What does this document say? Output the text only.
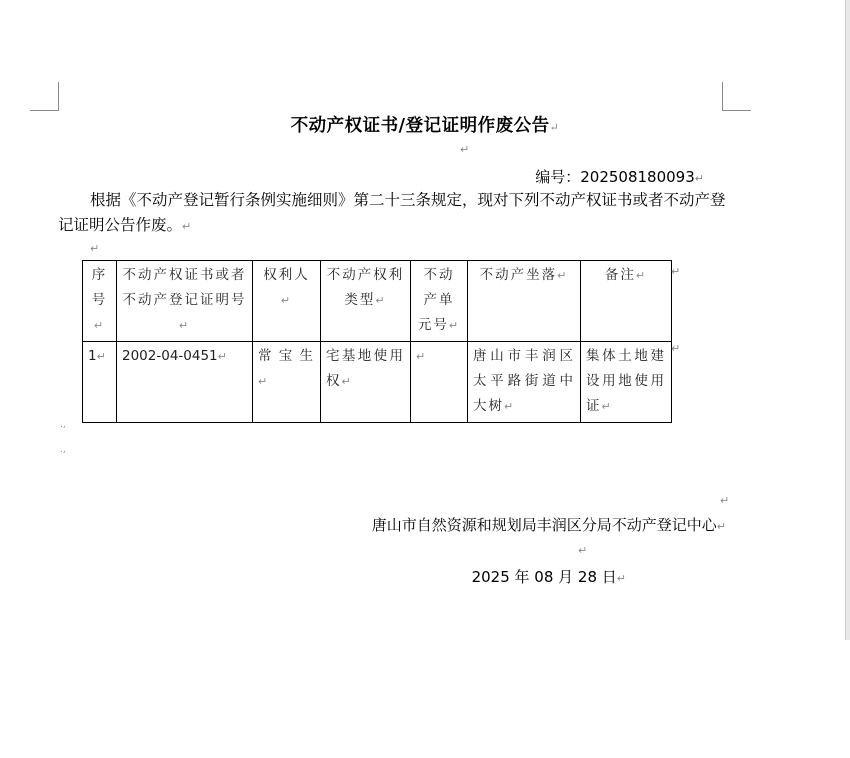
不动产权证书/登记证明作废公告↵
↵
编号：202508180093↵
根据《不动产登记暂行条例实施细则》第二十三条规定，现对下列不动产权证书或者不动产登记证明公告作废。↵
↵
序号↵	不动产权证书或者不动产登记证明号↵	权利人↵	不动产权利类型↵	不动产单元号↵	不动产坐落↵	备注↵
1↵	2002-04-0451↵	常宝生↵	宅基地使用权↵	↵	唐山市丰润区太平路街道中大树↵	集体土地建设用地使用证↵
↵
↵
.,
.,
↵
唐山市自然资源和规划局丰润区分局不动产登记中心↵
↵
2025 年 08 月 28 日↵
